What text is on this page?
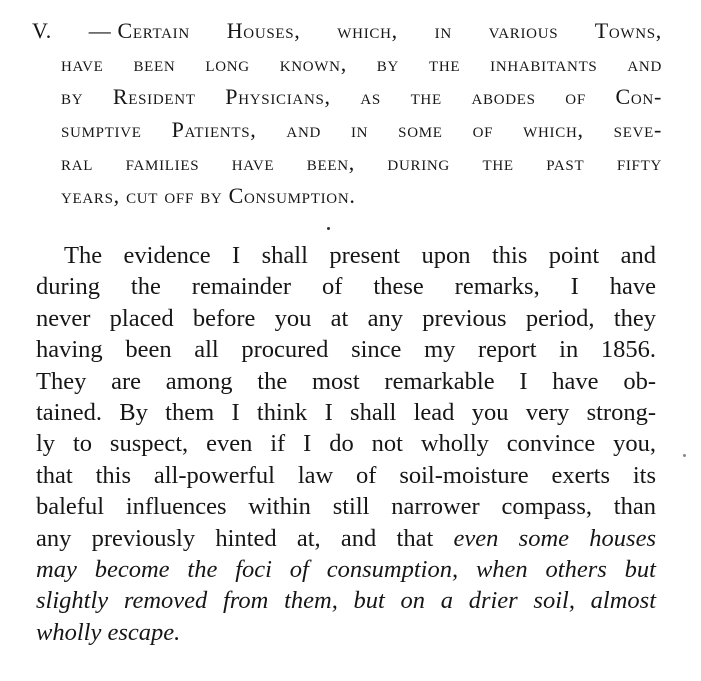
V. — Certain Houses, which, in various Towns,
have been long known, by the inhabitants and
by Resident Physicians, as the abodes of Con-
sumptive Patients, and in some of which, seve-
ral families have been, during the past fifty
years, cut off by Consumption.
The evidence I shall present upon this point and
during the remainder of these remarks, I have
never placed before you at any previous period, they
having been all procured since my report in 1856.
They are among the most remarkable I have ob-
tained. By them I think I shall lead you very strong-
ly to suspect, even if I do not wholly convince you,
that this all-powerful law of soil-moisture exerts its
baleful influences within still narrower compass, than
any previously hinted at, and that even some houses
may become the foci of consumption, when others but
slightly removed from them, but on a drier soil, almost
wholly escape.
